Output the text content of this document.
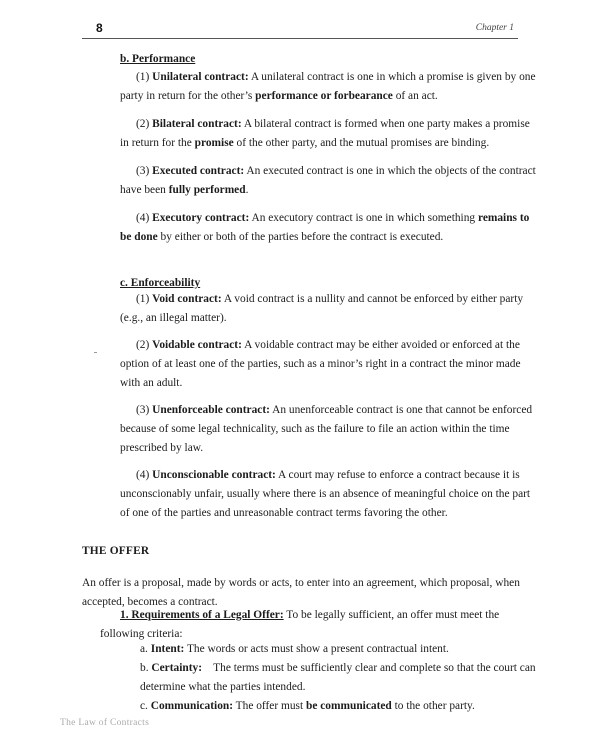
8	Chapter 1
b. Performance

(1) Unilateral contract: A unilateral contract is one in which a promise is given by one party in return for the other’s performance or forbearance of an act.

(2) Bilateral contract: A bilateral contract is formed when one party makes a promise in return for the promise of the other party, and the mutual promises are binding.

(3) Executed contract: An executed contract is one in which the objects of the contract have been fully performed.

(4) Executory contract: An executory contract is one in which something remains to be done by either or both of the parties before the contract is executed.

c. Enforceability

(1) Void contract: A void contract is a nullity and cannot be enforced by either party (e.g., an illegal matter).

(2) Voidable contract: A voidable contract may be either avoided or enforced at the option of at least one of the parties, such as a minor’s right in a contract the minor made with an adult.

(3) Unenforceable contract: An unenforceable contract is one that cannot be enforced because of some legal technicality, such as the failure to file an action within the time prescribed by law.

(4) Unconscionable contract: A court may refuse to enforce a contract because it is unconscionably unfair, usually where there is an absence of meaningful choice on the part of one of the parties and unreasonable contract terms favoring the other.

THE OFFER

An offer is a proposal, made by words or acts, to enter into an agreement, which proposal, when accepted, becomes a contract.

1. Requirements of a Legal Offer: To be legally sufficient, an offer must meet the following criteria:

a. Intent: The words or acts must show a present contractual intent.

b. Certainty:    The terms must be sufficiently clear and complete so that the court can determine what the parties intended.

c. Communication: The offer must be communicated to the other party.

The Law of Contracts
